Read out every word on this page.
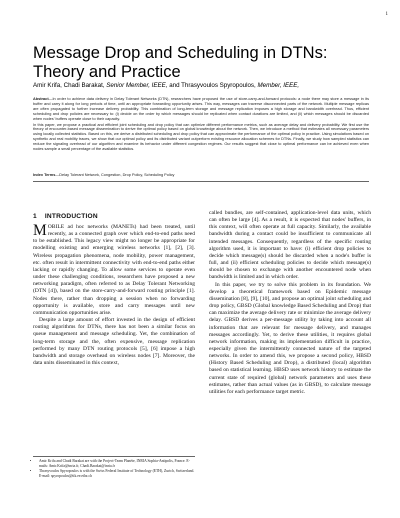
1
Message Drop and Scheduling in DTNs: Theory and Practice
Amir Krifa, Chadi Barakat, Senior Member, IEEE, and Thrasyvoulos Spyropoulos, Member, IEEE,

Abstract—In order to achieve data delivery in Delay Tolerant Networks (DTN), researchers have proposed the use of store-carry-and-forward protocols: a node there may store a message in its buffer and carry it along for long periods of time, until an appropriate forwarding opportunity arises. This way, messages can traverse disconnected parts of the network. Multiple message replicas are often propagated to further increase delivery probability. This combination of long-term storage and message replication imposes a high storage and bandwidth overhead. Thus, efficient scheduling and drop policies are necessary to: (i) decide on the order by which messages should be replicated when contact durations are limited, and (ii) which messages should be discarded when nodes' buffers operate close to their capacity.

In this paper, we propose a practical and efficient joint scheduling and drop policy that can optimize different performance metrics, such as average delay and delivery probability. We first use the theory of encounter-based message dissemination to derive the optimal policy based on global knowledge about the network. Then, we introduce a method that estimates all necessary parameters using locally collected statistics. Based on this, we derive a distributed scheduling and drop policy that can approximate the performance of the optimal policy in practice. Using simulations based on synthetic and real mobility traces, we show that our optimal policy and its distributed variant outperform existing resource allocation schemes for DTNs. Finally, we study how sampled statistics can reduce the signaling overhead of our algorithm and examine its behavior under different congestion regimes. Our results suggest that close to optimal performance can be achieved even when nodes sample a small percentage of the available statistics.

Index Terms—Delay Tolerant Network, Congestion, Drop Policy, Scheduling Policy
1 INTRODUCTION

MOBILE ad hoc networks (MANETs) had been treated, until recently, as a connected graph over which end-to-end paths need to be established. This legacy view might no longer be appropriate for modelling existing and emerging wireless networks [1], [2], [3]. Wireless propagation phenomena, node mobility, power management, etc. often result in intermittent connectivity with end-to-end paths either lacking or rapidly changing. To allow some services to operate even under these challenging conditions, researchers have proposed a new networking paradigm, often referred to as Delay Tolerant Networking (DTN [4]), based on the store-carry-and-forward routing principle [1]. Nodes there, rather than dropping a session when no forwarding opportunity is available, store and carry messages until new communication opportunities arise.

Despite a large amount of effort invested in the design of efficient routing algorithms for DTNs, there has not been a similar focus on queue management and message scheduling. Yet, the combination of long-term storage and the, often expensive, message replication performed by many DTN routing protocols [5], [6] impose a high bandwidth and storage overhead on wireless nodes [7]. Moreover, the data units disseminated in this context,

• Amir Krifa and Chadi Barakat are with the Project-Team Planète, INRIA Sophia-Antipolis, France. E-mails: Amir.Krifa@inria.fr, Chadi.Barakat@inria.fr
• Thrasyvoulos Spyropoulos is with the Swiss Federal Institute of Technology (ETH), Zurich, Switzerland. E-mail: spyropoulos@tik.ee.ethz.ch

called bundles, are self-contained, application-level data units, which can often be large [4]. As a result, it is expected that nodes' buffers, in this context, will often operate at full capacity. Similarly, the available bandwidth during a contact could be insufficient to communicate all intended messages. Consequently, regardless of the specific routing algorithm used, it is important to have: (i) efficient drop policies to decide which message(s) should be discarded when a node's buffer is full, and (ii) efficient scheduling policies to decide which message(s) should be chosen to exchange with another encountered node when bandwidth is limited and in which order.

In this paper, we try to solve this problem in its foundation. We develop a theoretical framework based on Epidemic message dissemination [8], [9], [10], and propose an optimal joint scheduling and drop policy, GBSD (Global knowledge Based Scheduling and Drop) that can maximize the average delivery rate or minimize the average delivery delay. GBSD derives a per-message utility by taking into account all information that are relevant for message delivery, and manages messages accordingly. Yet, to derive these utilities, it requires global network information, making its implementation difficult in practice, especially given the intermittently connected nature of the targeted networks. In order to amend this, we propose a second policy, HBSD (History Based Scheduling and Drop), a distributed (local) algorithm based on statistical learning. HBSD uses network history to estimate the current state of required (global) network parameters and uses these estimates, rather than actual values (as in GBSD), to calculate message utilities for each performance target metric.
